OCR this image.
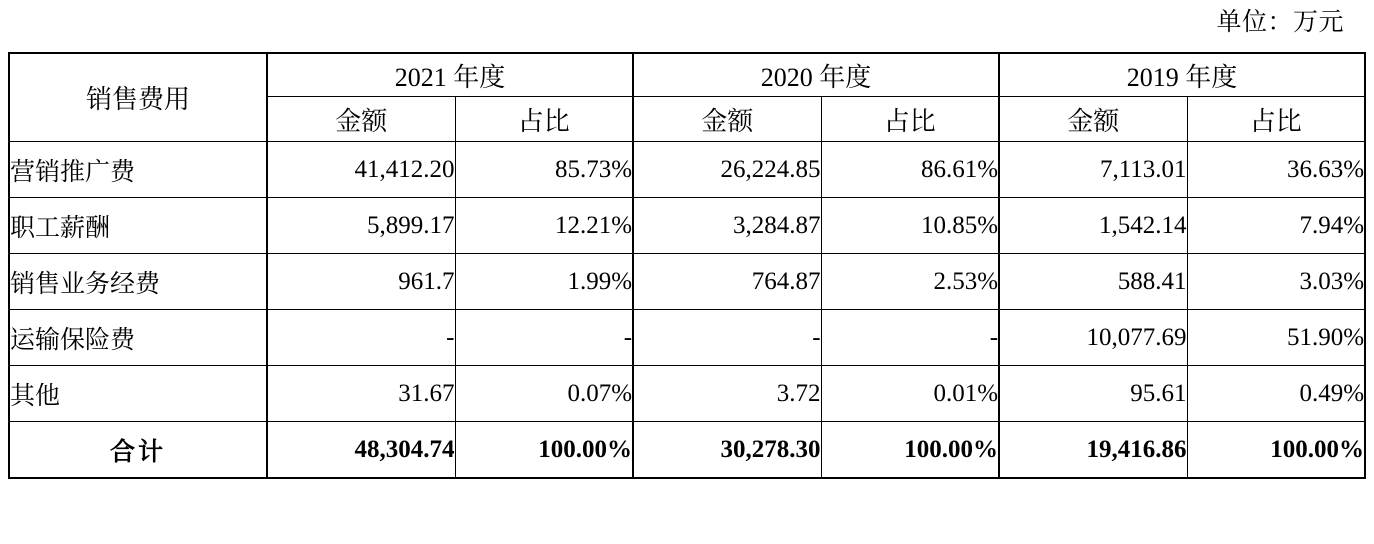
单位：万元
销售费用	2021 年度		2020 年度		2019 年度	
	金额	占比	金额	占比	金额	占比
营销推广费	41,412.20	85.73%	26,224.85	86.61%	7,113.01	36.63%
职工薪酬	5,899.17	12.21%	3,284.87	10.85%	1,542.14	7.94%
销售业务经费	961.7	1.99%	764.87	2.53%	588.41	3.03%
运输保险费	-	-	-	-	10,077.69	51.90%
其他	31.67	0.07%	3.72	0.01%	95.61	0.49%
合计	48,304.74	100.00%	30,278.30	100.00%	19,416.86	100.00%
